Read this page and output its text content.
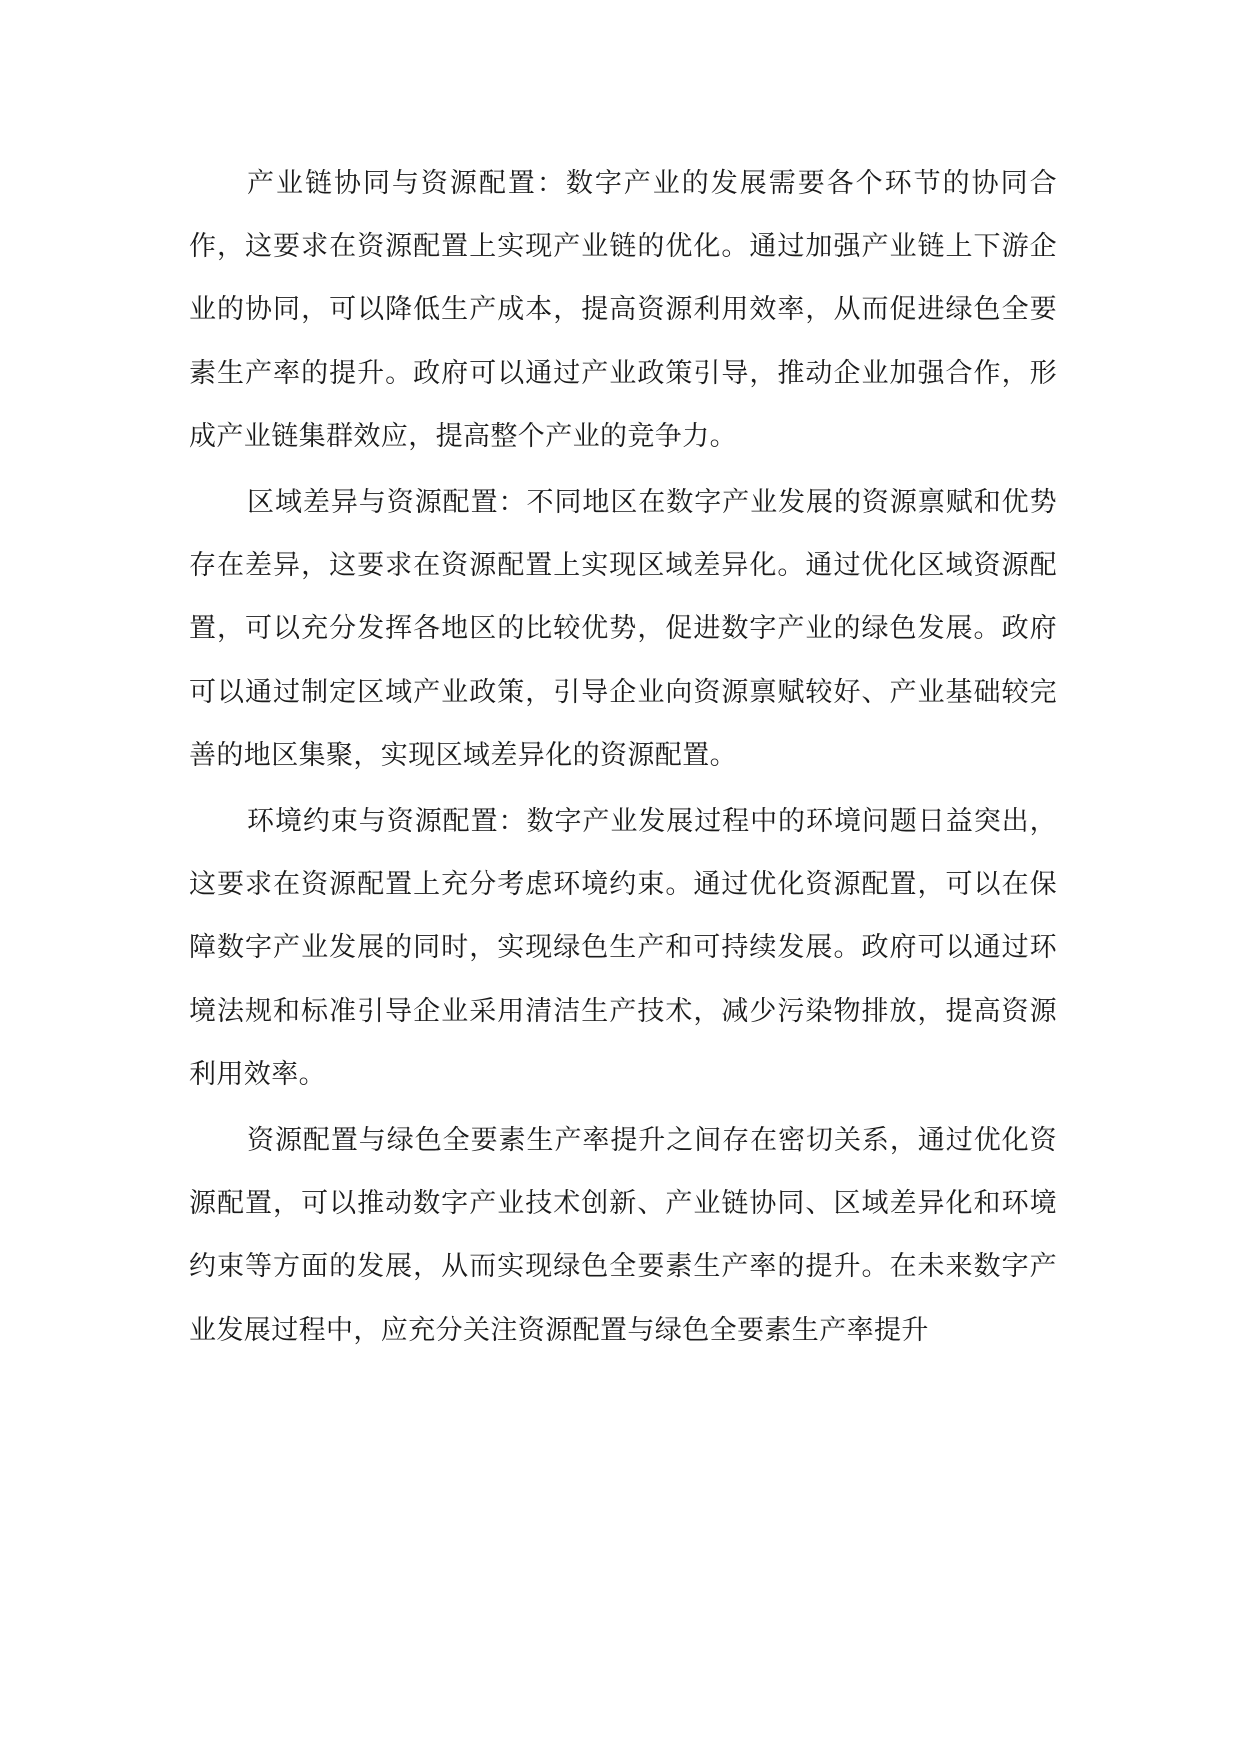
产业链协同与资源配置：数字产业的发展需要各个环节的协同合作，这要求在资源配置上实现产业链的优化。通过加强产业链上下游企业的协同，可以降低生产成本，提高资源利用效率，从而促进绿色全要素生产率的提升。政府可以通过产业政策引导，推动企业加强合作，形成产业链集群效应，提高整个产业的竞争力。

区域差异与资源配置：不同地区在数字产业发展的资源禀赋和优势存在差异，这要求在资源配置上实现区域差异化。通过优化区域资源配置，可以充分发挥各地区的比较优势，促进数字产业的绿色发展。政府可以通过制定区域产业政策，引导企业向资源禀赋较好、产业基础较完善的地区集聚，实现区域差异化的资源配置。

环境约束与资源配置：数字产业发展过程中的环境问题日益突出，这要求在资源配置上充分考虑环境约束。通过优化资源配置，可以在保障数字产业发展的同时，实现绿色生产和可持续发展。政府可以通过环境法规和标准引导企业采用清洁生产技术，减少污染物排放，提高资源利用效率。

资源配置与绿色全要素生产率提升之间存在密切关系，通过优化资源配置，可以推动数字产业技术创新、产业链协同、区域差异化和环境约束等方面的发展，从而实现绿色全要素生产率的提升。在未来数字产业发展过程中，应充分关注资源配置与绿色全要素生产率提升
